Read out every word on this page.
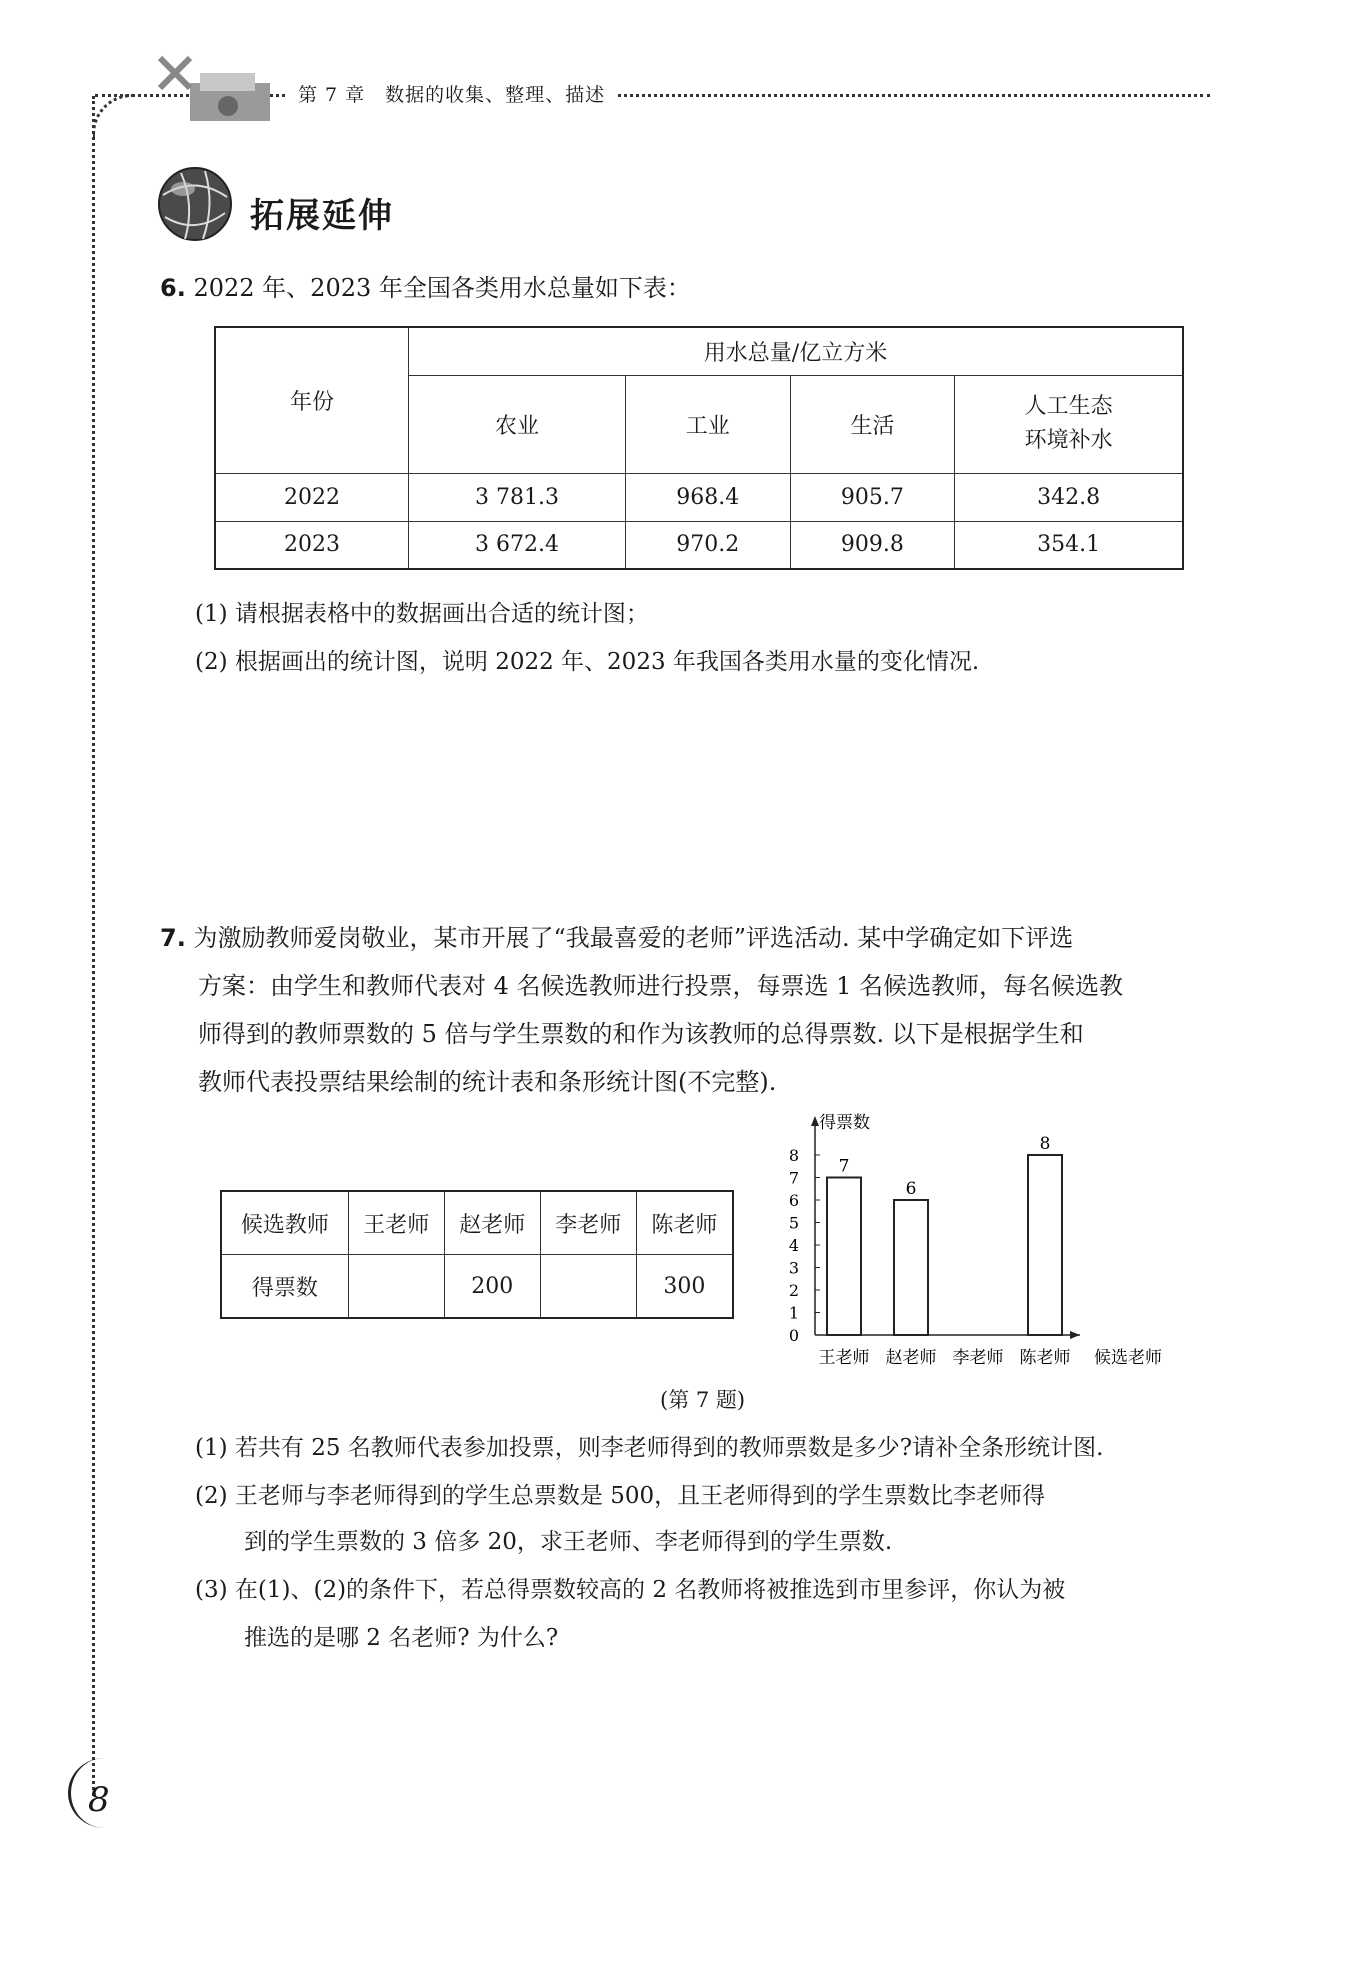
第 7 章　数据的收集、整理、描述
拓展延伸
6. 2022 年、2023 年全国各类用水总量如下表：
年份	用水总量/亿立方米			
	农业	工业	生活	人工生态
环境补水

2022	3 781.3	968.4	905.7	342.8
2023	3 672.4	970.2	909.8	354.1
(1) 请根据表格中的数据画出合适的统计图；
(2) 根据画出的统计图，说明 2022 年、2023 年我国各类用水量的变化情况.
7. 为激励教师爱岗敬业，某市开展了“我最喜爱的老师”评选活动. 某中学确定如下评选
方案：由学生和教师代表对 4 名候选教师进行投票，每票选 1 名候选教师，每名候选教
师得到的教师票数的 5 倍与学生票数的和作为该教师的总得票数. 以下是根据学生和
教师代表投票结果绘制的统计表和条形统计图(不完整).
候选教师	王老师	赵老师	李老师	陈老师
得票数		200		300
得票数
0
1
2
3
4
5
6
7
8
王老师
7
赵老师
6
李老师 陈老师
8
候选老师
(第 7 题)
(1) 若共有 25 名教师代表参加投票，则李老师得到的教师票数是多少?请补全条形统计图.
(2) 王老师与李老师得到的学生总票数是 500，且王老师得到的学生票数比李老师得
到的学生票数的 3 倍多 20，求王老师、李老师得到的学生票数.
(3) 在(1)、(2)的条件下，若总得票数较高的 2 名教师将被推选到市里参评，你认为被
推选的是哪 2 名老师? 为什么?
8
